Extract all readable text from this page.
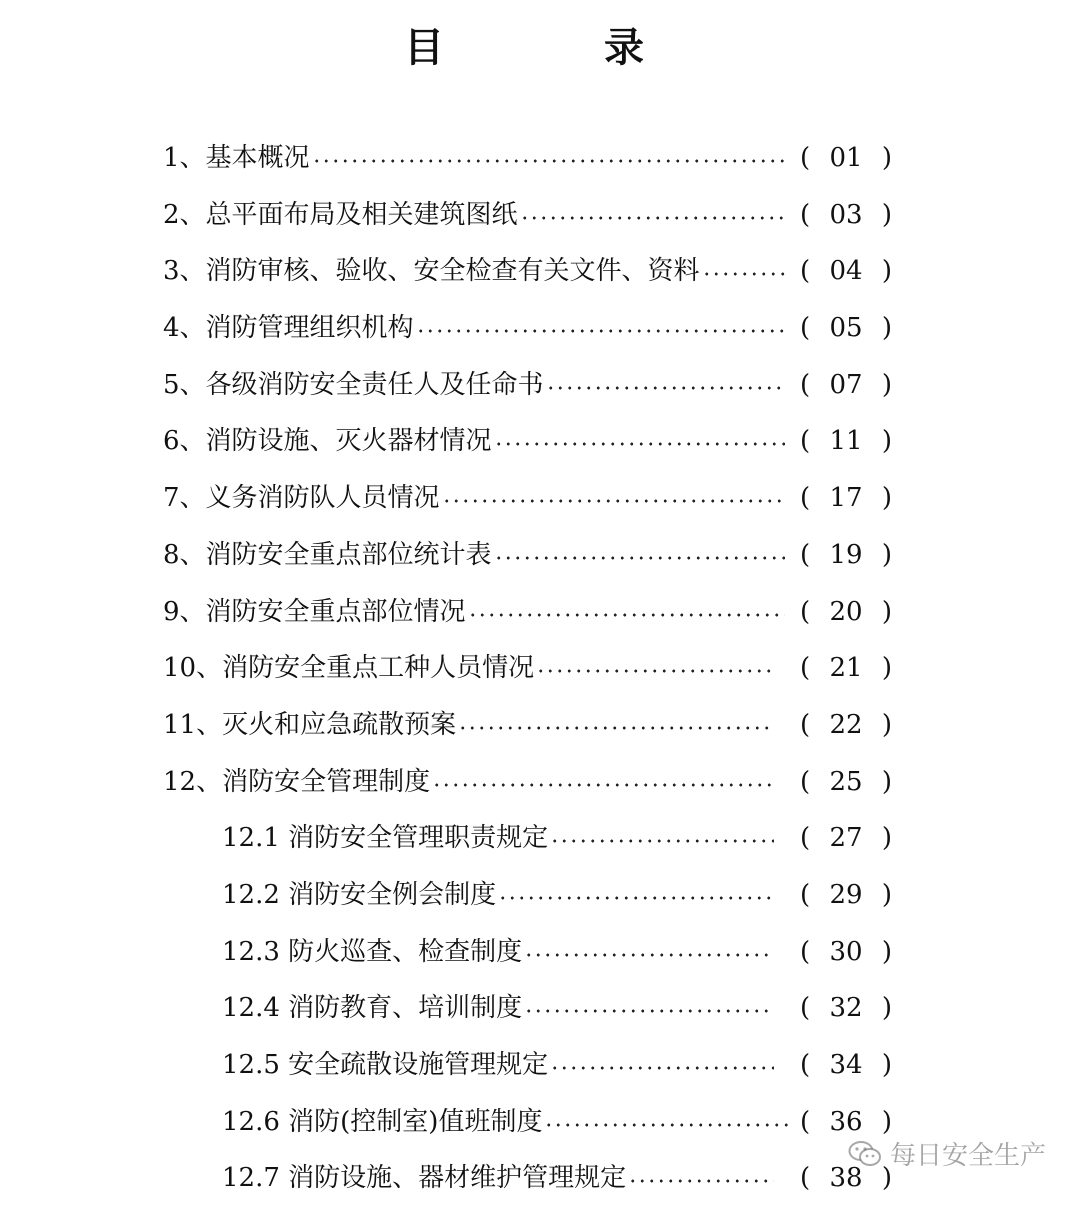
目	录
1、基本概况	( 01 )
2、总平面布局及相关建筑图纸	( 03 )
3、消防审核、验收、安全检查有关文件、资料	( 04 )
4、消防管理组织机构	( 05 )
5、各级消防安全责任人及任命书	( 07 )
6、消防设施、灭火器材情况	( 11 )
7、义务消防队人员情况	( 17 )
8、消防安全重点部位统计表	( 19 )
9、消防安全重点部位情况	( 20 )
10、消防安全重点工种人员情况	( 21 )
11、灭火和应急疏散预案	( 22 )
12、消防安全管理制度	( 25 )
12.1 消防安全管理职责规定	( 27 )
12.2 消防安全例会制度	( 29 )
12.3 防火巡查、检查制度	( 30 )
12.4 消防教育、培训制度	( 32 )
12.5 安全疏散设施管理规定	( 34 )
12.6 消防(控制室)值班制度	( 36 )
12.7 消防设施、器材维护管理规定	( 38 )
每日安全生产
